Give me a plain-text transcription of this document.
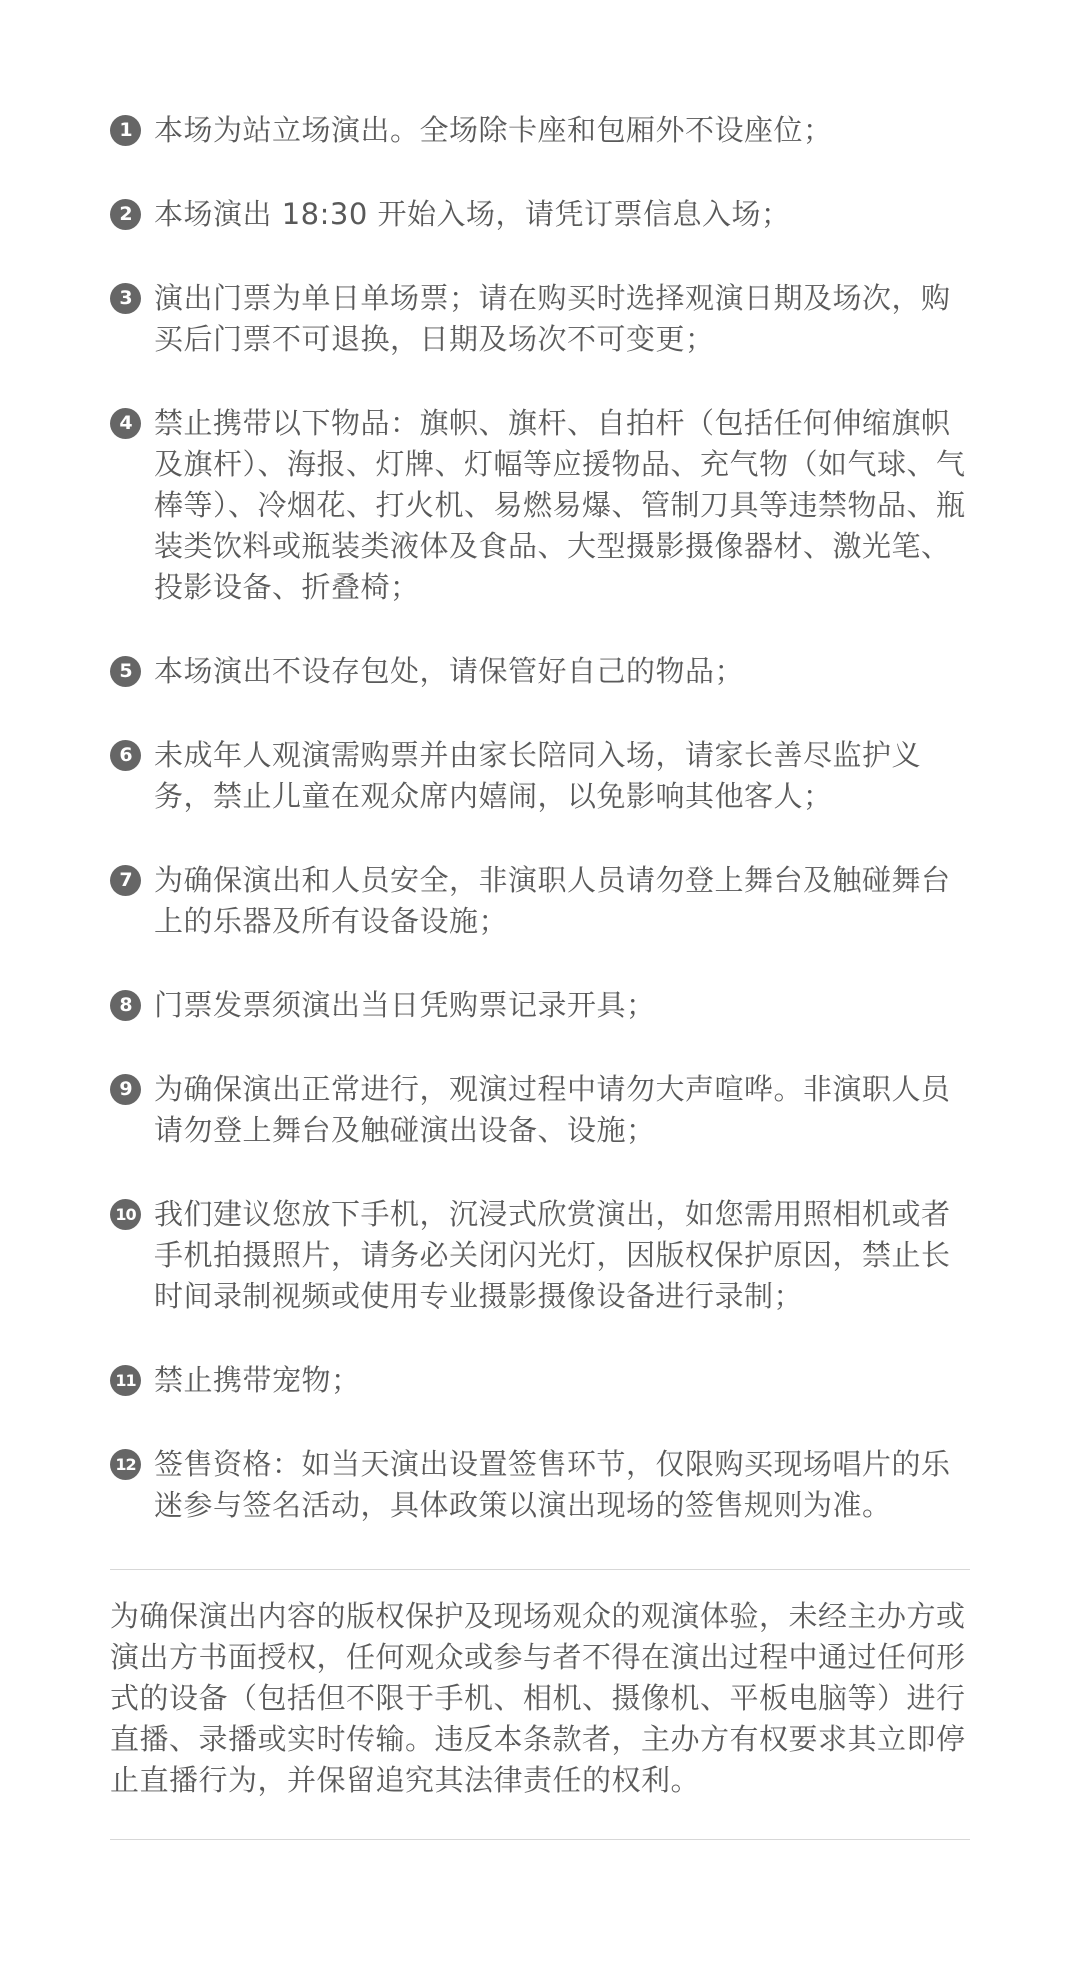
1 本场为站立场演出。全场除卡座和包厢外不设座位；
2 本场演出 18:30 开始入场，请凭订票信息入场；
3 演出门票为单日单场票；请在购买时选择观演日期及场次，购买后门票不可退换，日期及场次不可变更；
4 禁止携带以下物品：旗帜、旗杆、自拍杆（包括任何伸缩旗帜及旗杆）、海报、灯牌、灯幅等应援物品、充气物（如气球、气棒等）、冷烟花、打火机、易燃易爆、管制刀具等违禁物品、瓶装类饮料或瓶装类液体及食品、大型摄影摄像器材、激光笔、投影设备、折叠椅；
5 本场演出不设存包处，请保管好自己的物品；
6 未成年人观演需购票并由家长陪同入场，请家长善尽监护义务，禁止儿童在观众席内嬉闹，以免影响其他客人；
7 为确保演出和人员安全，非演职人员请勿登上舞台及触碰舞台上的乐器及所有设备设施；
8 门票发票须演出当日凭购票记录开具；
9 为确保演出正常进行，观演过程中请勿大声喧哗。非演职人员请勿登上舞台及触碰演出设备、设施；
10 我们建议您放下手机，沉浸式欣赏演出，如您需用照相机或者手机拍摄照片，请务必关闭闪光灯，因版权保护原因，禁止长时间录制视频或使用专业摄影摄像设备进行录制；
11 禁止携带宠物；
12 签售资格：如当天演出设置签售环节，仅限购买现场唱片的乐迷参与签名活动，具体政策以演出现场的签售规则为准。

为确保演出内容的版权保护及现场观众的观演体验，未经主办方或演出方书面授权，任何观众或参与者不得在演出过程中通过任何形式的设备（包括但不限于手机、相机、摄像机、平板电脑等）进行直播、录播或实时传输。违反本条款者，主办方有权要求其立即停止直播行为，并保留追究其法律责任的权利。
